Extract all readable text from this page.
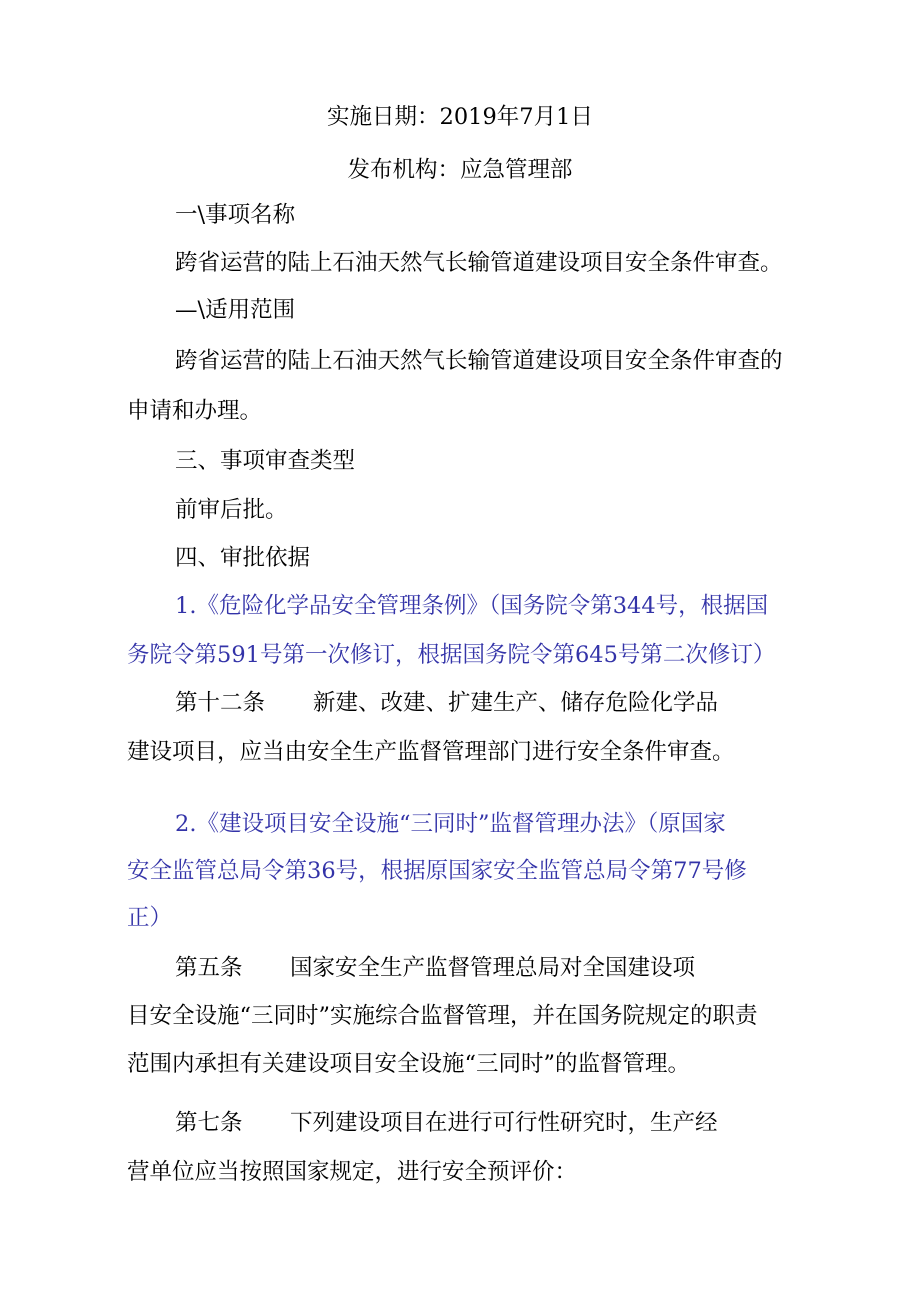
实施日期：2019年7月1日

发布机构：应急管理部

一\事项名称

跨省运营的陆上石油天然气长输管道建设项目安全条件审查。

—\适用范围

跨省运营的陆上石油天然气长输管道建设项目安全条件审查的

申请和办理。

三、事项审查类型

前审后批。

四、审批依据

1.《危险化学品安全管理条例》（国务院令第344号，根据国

务院令第591号第一次修订，根据国务院令第645号第二次修订）

第十二条 新建、改建、扩建生产、储存危险化学品

建设项目，应当由安全生产监督管理部门进行安全条件审查。

2.《建设项目安全设施“三同时”监督管理办法》（原国家

安全监管总局令第36号，根据原国家安全监管总局令第77号修

正）

第五条 国家安全生产监督管理总局对全国建设项

目安全设施“三同时”实施综合监督管理，并在国务院规定的职责

范围内承担有关建设项目安全设施“三同时”的监督管理。

第七条 下列建设项目在进行可行性研究时，生产经

营单位应当按照国家规定，进行安全预评价：
